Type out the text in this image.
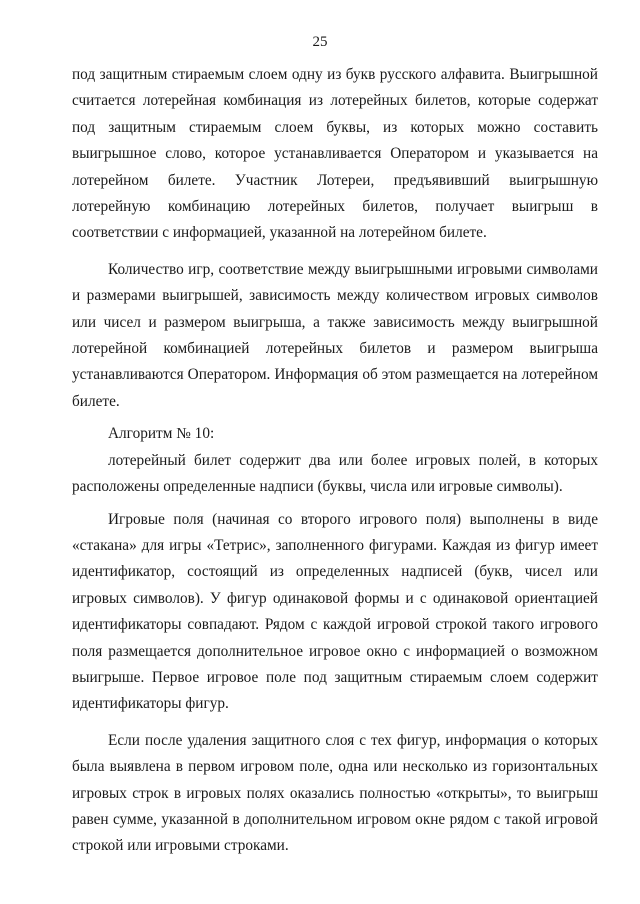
25

под защитным стираемым слоем одну из букв русского алфавита. Выигрышной считается лотерейная комбинация из лотерейных билетов, которые содержат под защитным стираемым слоем буквы, из которых можно составить выигрышное слово, которое устанавливается Оператором и указывается на лотерейном билете. Участник Лотереи, предъявивший выигрышную лотерейную комбинацию лотерейных билетов, получает выигрыш в соответствии с информацией, указанной на лотерейном билете.

Количество игр, соответствие между выигрышными игровыми символами и размерами выигрышей, зависимость между количеством игровых символов или чисел и размером выигрыша, а также зависимость между выигрышной лотерейной комбинацией лотерейных билетов и размером выигрыша устанавливаются Оператором. Информация об этом размещается на лотерейном билете.

Алгоритм № 10:

лотерейный билет содержит два или более игровых полей, в которых расположены определенные надписи (буквы, числа или игровые символы).

Игровые поля (начиная со второго игрового поля) выполнены в виде «стакана» для игры «Тетрис», заполненного фигурами. Каждая из фигур имеет идентификатор, состоящий из определенных надписей (букв, чисел или игровых символов). У фигур одинаковой формы и с одинаковой ориентацией идентификаторы совпадают. Рядом с каждой игровой строкой такого игрового поля размещается дополнительное игровое окно с информацией о возможном выигрыше. Первое игровое поле под защитным стираемым слоем содержит идентификаторы фигур.

Если после удаления защитного слоя с тех фигур, информация о которых была выявлена в первом игровом поле, одна или несколько из горизонтальных игровых строк в игровых полях оказались полностью «открыты», то выигрыш равен сумме, указанной в дополнительном игровом окне рядом с такой игровой строкой или игровыми строками.
